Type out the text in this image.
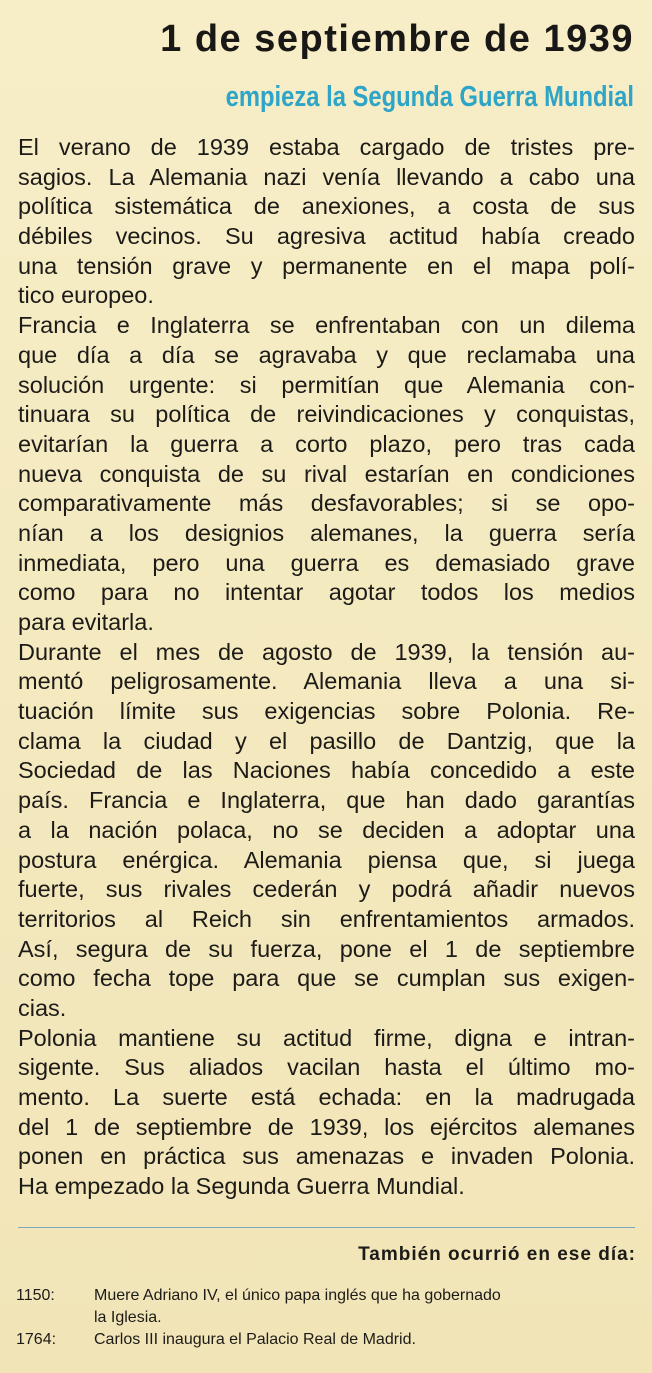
1 de septiembre de 1939
empieza la Segunda Guerra Mundial

El verano de 1939 estaba cargado de tristes pre-
sagios. La Alemania nazi venía llevando a cabo una
política sistemática de anexiones, a costa de sus
débiles vecinos. Su agresiva actitud había creado
una tensión grave y permanente en el mapa polí-
tico europeo.

Francia e Inglaterra se enfrentaban con un dilema
que día a día se agravaba y que reclamaba una
solución urgente: si permitían que Alemania con-
tinuara su política de reivindicaciones y conquistas,
evitarían la guerra a corto plazo, pero tras cada
nueva conquista de su rival estarían en condiciones
comparativamente más desfavorables; si se opo-
nían a los designios alemanes, la guerra sería
inmediata, pero una guerra es demasiado grave
como para no intentar agotar todos los medios
para evitarla.

Durante el mes de agosto de 1939, la tensión au-
mentó peligrosamente. Alemania lleva a una si-
tuación límite sus exigencias sobre Polonia. Re-
clama la ciudad y el pasillo de Dantzig, que la
Sociedad de las Naciones había concedido a este
país. Francia e Inglaterra, que han dado garantías
a la nación polaca, no se deciden a adoptar una
postura enérgica. Alemania piensa que, si juega
fuerte, sus rivales cederán y podrá añadir nuevos
territorios al Reich sin enfrentamientos armados.
Así, segura de su fuerza, pone el 1 de septiembre
como fecha tope para que se cumplan sus exigen-
cias.

Polonia mantiene su actitud firme, digna e intran-
sigente. Sus aliados vacilan hasta el último mo-
mento. La suerte está echada: en la madrugada
del 1 de septiembre de 1939, los ejércitos alemanes
ponen en práctica sus amenazas e invaden Polonia.
Ha empezado la Segunda Guerra Mundial.

También ocurrió en ese día:
1150:	Muere Adriano IV, el único papa inglés que ha gobernado
la Iglesia.
1764:	Carlos III inaugura el Palacio Real de Madrid.
